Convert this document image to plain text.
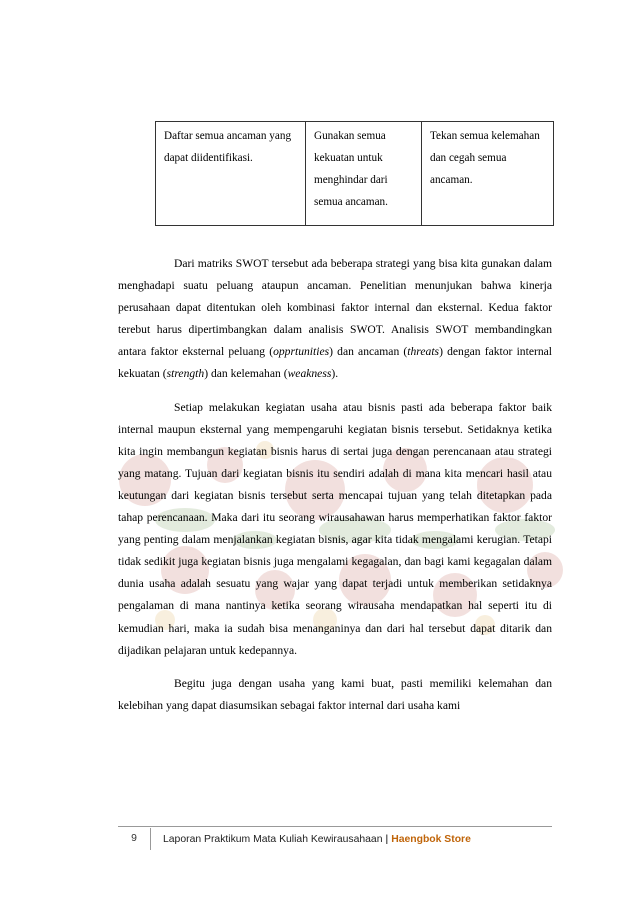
Daftar semua ancaman yang dapat diidentifikasi.	Gunakan semua kekuatan untuk menghindar dari semua ancaman.	Tekan semua kelemahan dan cegah semua ancaman.

Dari matriks SWOT tersebut ada beberapa strategi yang bisa kita gunakan dalam menghadapi suatu peluang ataupun ancaman. Penelitian menunjukan bahwa kinerja perusahaan dapat ditentukan oleh kombinasi faktor internal dan eksternal. Kedua faktor terebut harus dipertimbangkan dalam analisis SWOT. Analisis SWOT membandingkan antara faktor eksternal peluang (opprtunities) dan ancaman (threats) dengan faktor internal kekuatan (strength) dan kelemahan (weakness).

Setiap melakukan kegiatan usaha atau bisnis pasti ada beberapa faktor baik internal maupun eksternal yang mempengaruhi kegiatan bisnis tersebut. Setidaknya ketika kita ingin membangun kegiatan bisnis harus di sertai juga dengan perencanaan atau strategi yang matang. Tujuan dari kegiatan bisnis itu sendiri adalah di mana kita mencari hasil atau keutungan dari kegiatan bisnis tersebut serta mencapai tujuan yang telah ditetapkan pada tahap perencanaan. Maka dari itu seorang wirausahawan harus memperhatikan faktor faktor yang penting dalam menjalankan kegiatan bisnis, agar kita tidak mengalami kerugian. Tetapi tidak sedikit juga kegiatan bisnis juga mengalami kegagalan, dan bagi kami kegagalan dalam dunia usaha adalah sesuatu yang wajar yang dapat terjadi untuk memberikan setidaknya pengalaman di mana nantinya ketika seorang wirausaha mendapatkan hal seperti itu di kemudian hari, maka ia sudah bisa menanganinya dan dari hal tersebut dapat ditarik dan dijadikan pelajaran untuk kedepannya.

Begitu juga dengan usaha yang kami buat, pasti memiliki kelemahan dan kelebihan yang dapat diasumsikan sebagai faktor internal dari usaha kami

9	Laporan Praktikum Mata Kuliah Kewirausahaan | Haengbok Store
